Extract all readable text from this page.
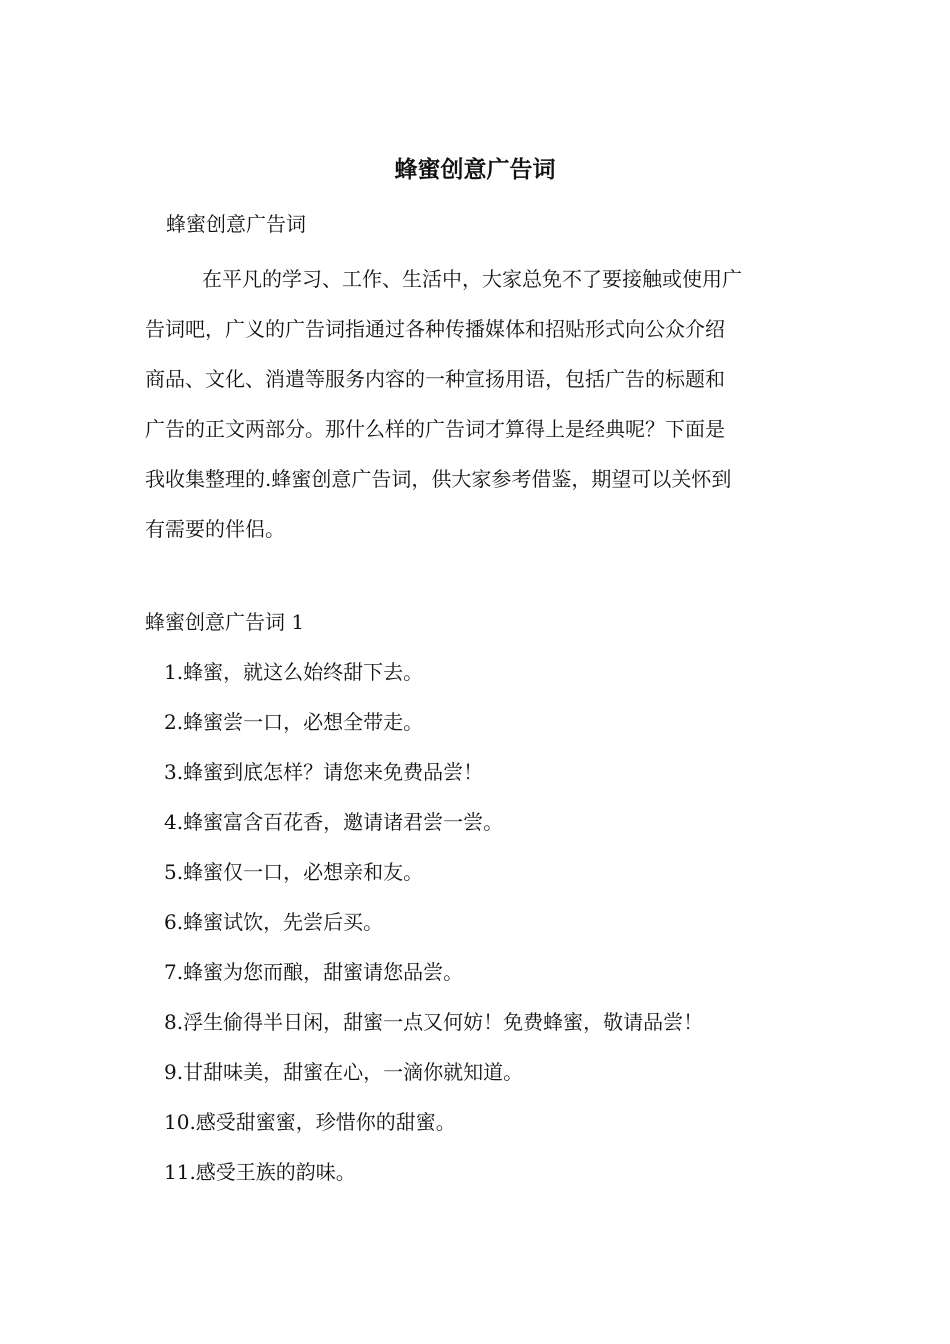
蜂蜜创意广告词
蜂蜜创意广告词
在平凡的学习、工作、生活中，大家总免不了要接触或使用广
告词吧，广义的广告词指通过各种传播媒体和招贴形式向公众介绍
商品、文化、消遣等服务内容的一种宣扬用语，包括广告的标题和
广告的正文两部分。那什么样的广告词才算得上是经典呢？下面是
我收集整理的.蜂蜜创意广告词，供大家参考借鉴，期望可以关怀到
有需要的伴侣。
蜂蜜创意广告词 1
1.蜂蜜，就这么始终甜下去。
2.蜂蜜尝一口，必想全带走。
3.蜂蜜到底怎样？请您来免费品尝！
4.蜂蜜富含百花香，邀请诸君尝一尝。
5.蜂蜜仅一口，必想亲和友。
6.蜂蜜试饮，先尝后买。
7.蜂蜜为您而酿，甜蜜请您品尝。
8.浮生偷得半日闲，甜蜜一点又何妨！免费蜂蜜，敬请品尝！
9.甘甜味美，甜蜜在心，一滴你就知道。
10.感受甜蜜蜜，珍惜你的甜蜜。
11.感受王族的韵味。
